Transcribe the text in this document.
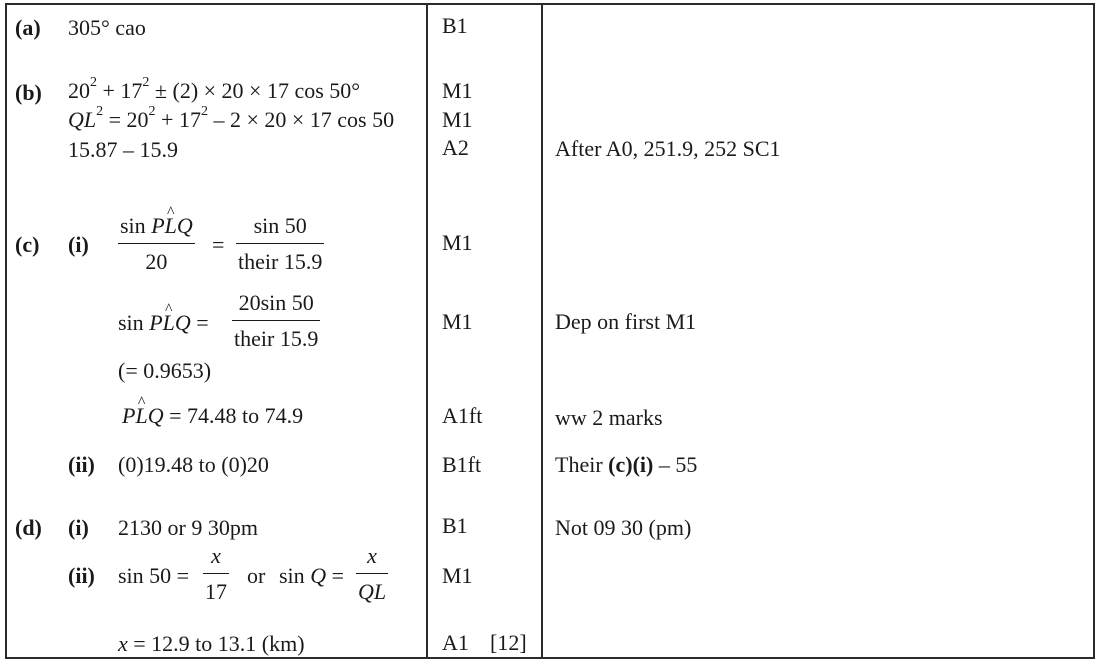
(a) 305° cao	B1
(b) $20^2 + 17^2 \pm (2) \times 20 \times 17$ cos 50°	M1
$QL^2 = 20^2 + 17^2 - 2 \times 20 \times 17$ cos 50 M1
15.87 – 15.9	A2	After A0, 251.9, 252 SC1
(c) (i)
sin PL ^Q
20
=
sin 50
their 15.9
M1
sin PL ^Q =
20sin 50
their 15.9
M1	Dep on first M1
(= 0.9653)
PL ^Q = 74.48 to 74.9	A1ft	ww 2 marks
(ii) (0)19.48 to (0)20	B1ft	Their (c)(i) – 55
(d) (i) 2130 or 9 30pm	B1	Not 09 30 (pm)
(ii) sin 50 =
x
17
or sin Q =
x
QL
M1
x = 12.9 to 13.1 (km)	A1 [12]
